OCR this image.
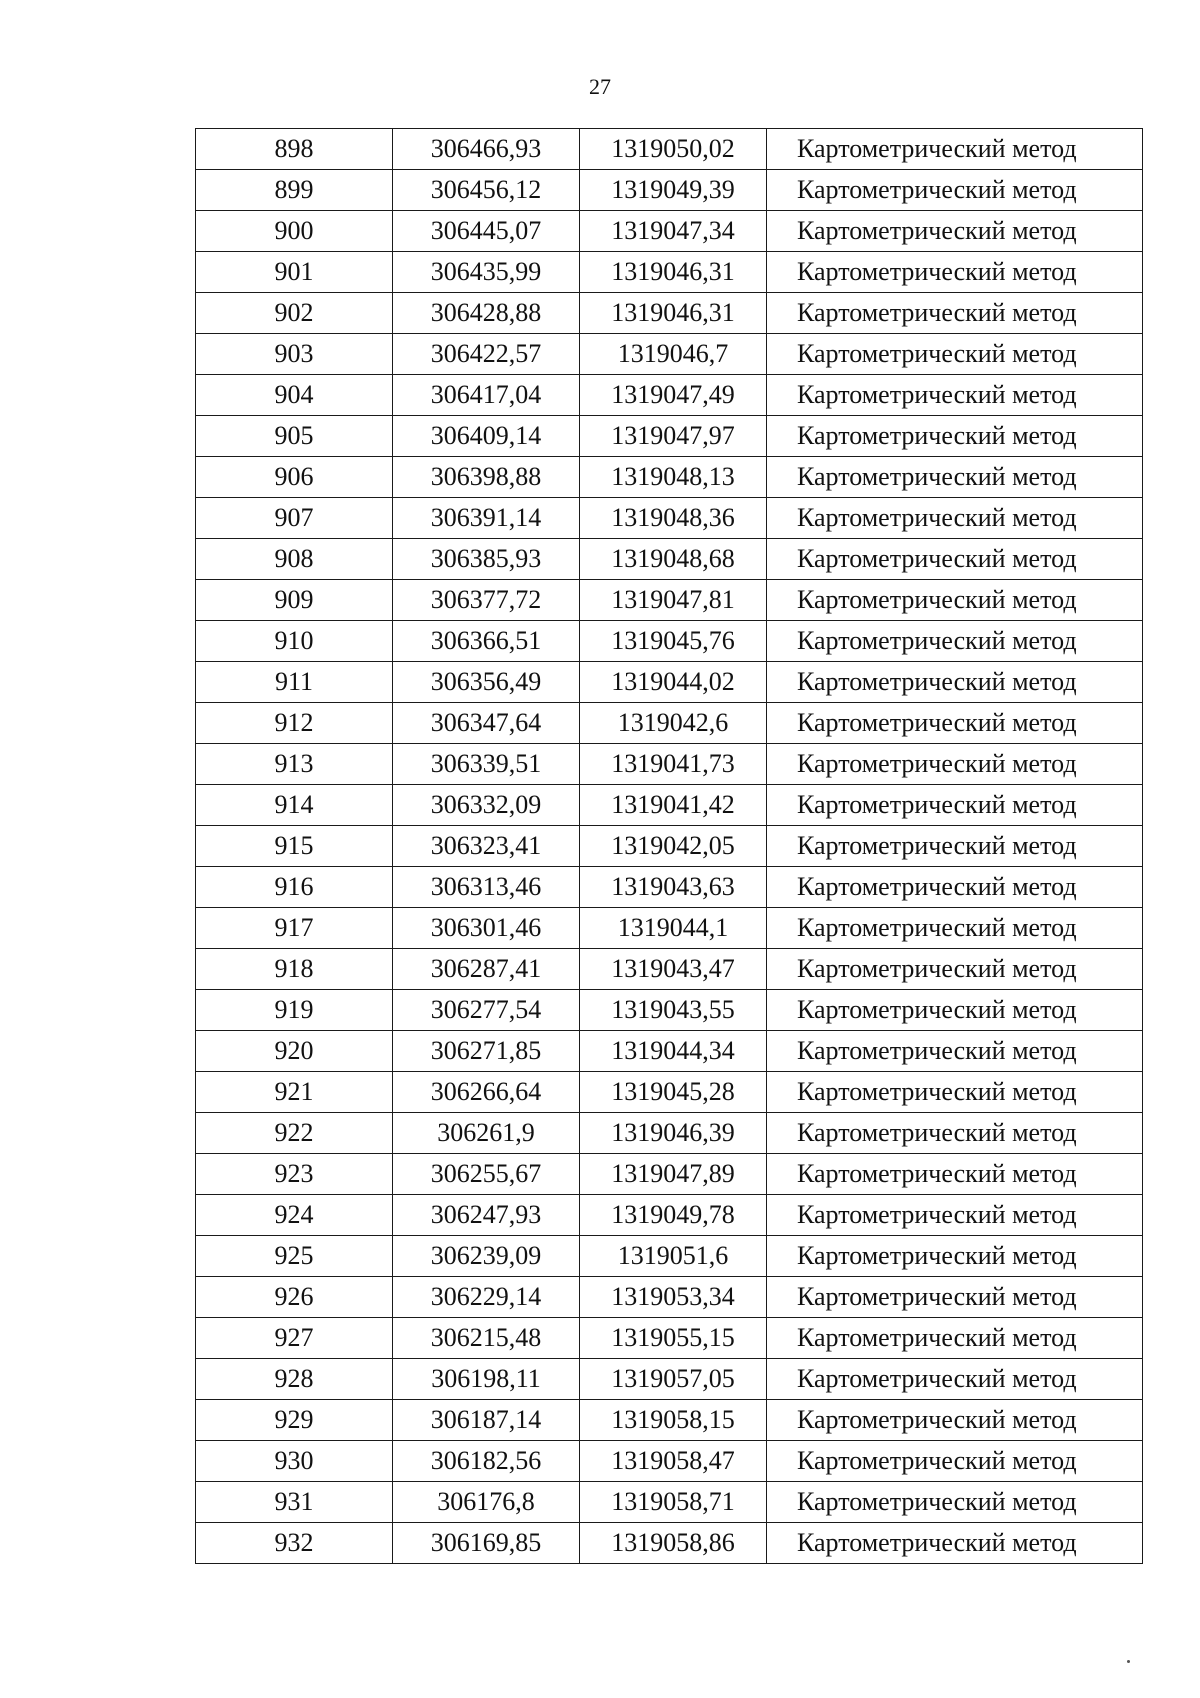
27
898	306466,93	1319050,02	Картометрический метод
899	306456,12	1319049,39	Картометрический метод
900	306445,07	1319047,34	Картометрический метод
901	306435,99	1319046,31	Картометрический метод
902	306428,88	1319046,31	Картометрический метод
903	306422,57	1319046,7	Картометрический метод
904	306417,04	1319047,49	Картометрический метод
905	306409,14	1319047,97	Картометрический метод
906	306398,88	1319048,13	Картометрический метод
907	306391,14	1319048,36	Картометрический метод
908	306385,93	1319048,68	Картометрический метод
909	306377,72	1319047,81	Картометрический метод
910	306366,51	1319045,76	Картометрический метод
911	306356,49	1319044,02	Картометрический метод
912	306347,64	1319042,6	Картометрический метод
913	306339,51	1319041,73	Картометрический метод
914	306332,09	1319041,42	Картометрический метод
915	306323,41	1319042,05	Картометрический метод
916	306313,46	1319043,63	Картометрический метод
917	306301,46	1319044,1	Картометрический метод
918	306287,41	1319043,47	Картометрический метод
919	306277,54	1319043,55	Картометрический метод
920	306271,85	1319044,34	Картометрический метод
921	306266,64	1319045,28	Картометрический метод
922	306261,9	1319046,39	Картометрический метод
923	306255,67	1319047,89	Картометрический метод
924	306247,93	1319049,78	Картометрический метод
925	306239,09	1319051,6	Картометрический метод
926	306229,14	1319053,34	Картометрический метод
927	306215,48	1319055,15	Картометрический метод
928	306198,11	1319057,05	Картометрический метод
929	306187,14	1319058,15	Картометрический метод
930	306182,56	1319058,47	Картометрический метод
931	306176,8	1319058,71	Картометрический метод
932	306169,85	1319058,86	Картометрический метод
